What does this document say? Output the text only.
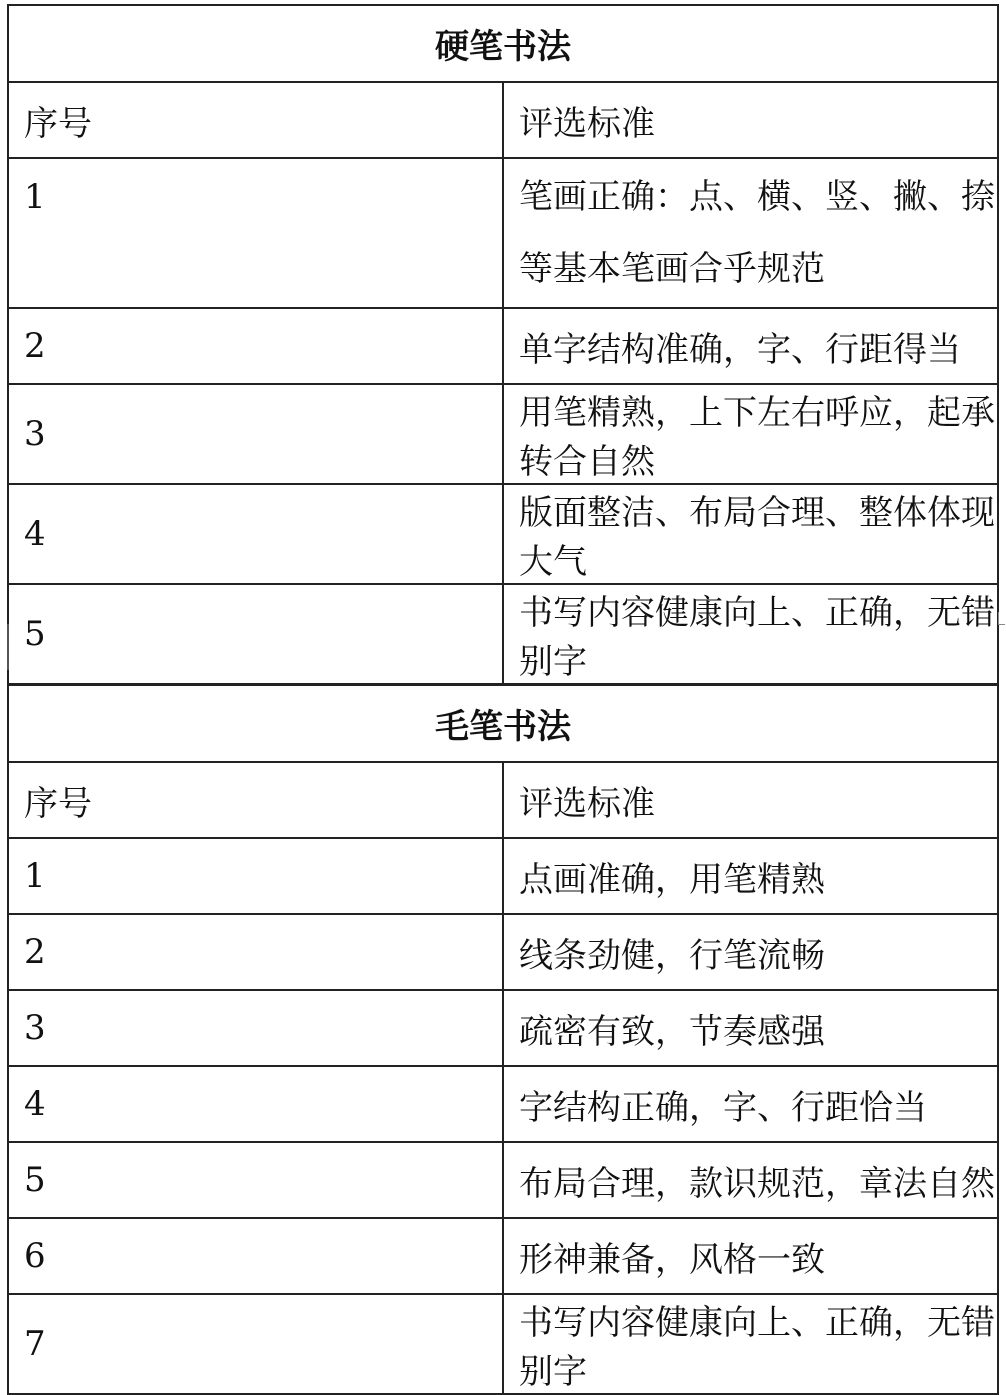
硬笔书法	
序号	评选标准
1	笔画正确：点、横、竖、撇、捺等基本笔画合乎规范
2	单字结构准确，字、行距得当
3	用笔精熟，上下左右呼应，起承转合自然
4	版面整洁、布局合理、整体体现大气
5	书写内容健康向上、正确，无错别字
毛笔书法	
序号	评选标准
1	点画准确，用笔精熟
2	线条劲健，行笔流畅
3	疏密有致，节奏感强
4	字结构正确，字、行距恰当
5	布局合理，款识规范，章法自然
6	形神兼备，风格一致
7	书写内容健康向上、正确，无错别字
